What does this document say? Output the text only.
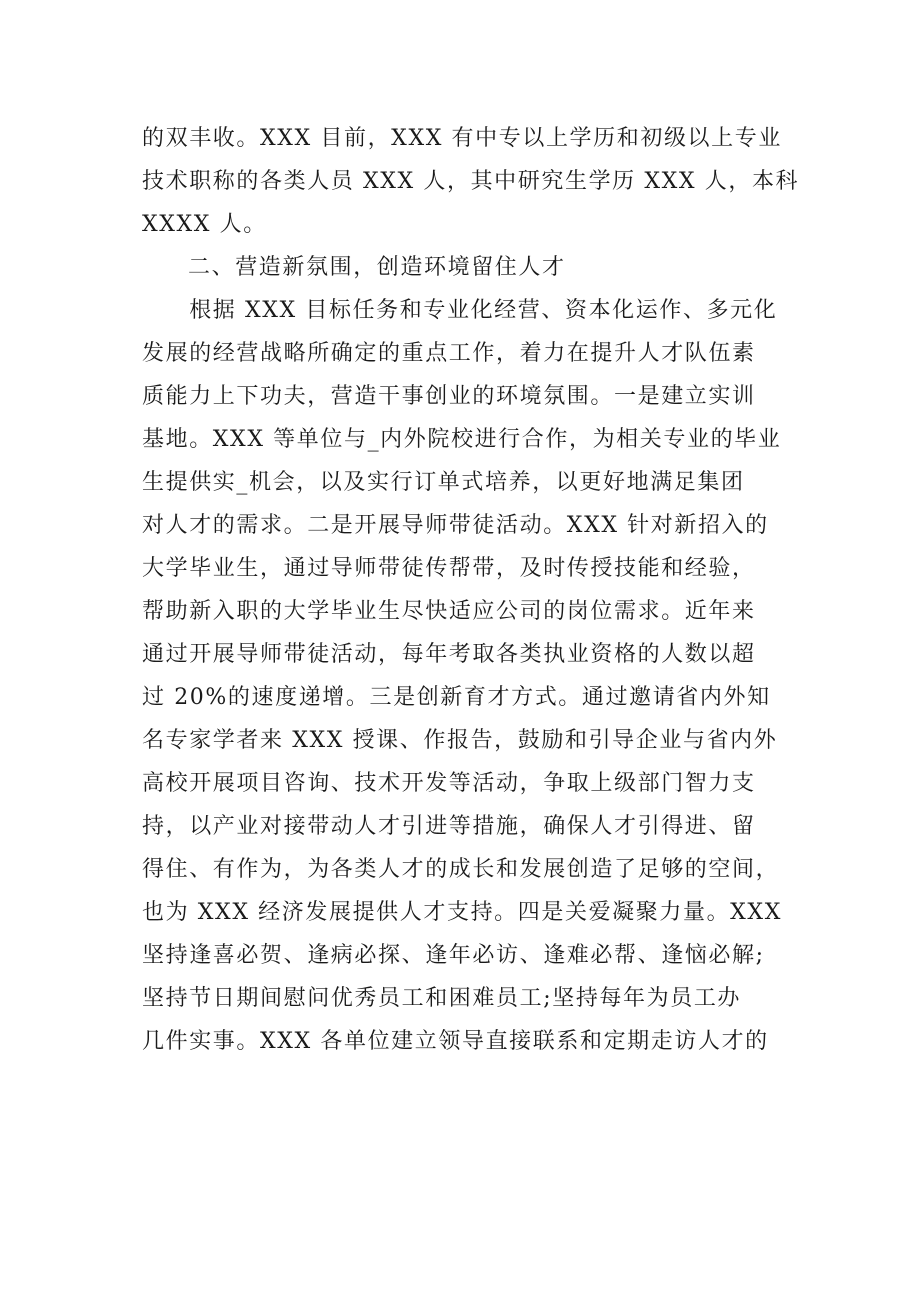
的双丰收。XXX 目前，XXX 有中专以上学历和初级以上专业
技术职称的各类人员 XXX 人，其中研究生学历 XXX 人，本科
XXXX 人。
二、营造新氛围，创造环境留住人才
　　根据 XXX 目标任务和专业化经营、资本化运作、多元化
发展的经营战略所确定的重点工作，着力在提升人才队伍素
质能力上下功夫，营造干事创业的环境氛围。一是建立实训
基地。XXX 等单位与_内外院校进行合作，为相关专业的毕业
生提供实_机会，以及实行订单式培养，以更好地满足集团
对人才的需求。二是开展导师带徒活动。XXX 针对新招入的
大学毕业生，通过导师带徒传帮带，及时传授技能和经验，
帮助新入职的大学毕业生尽快适应公司的岗位需求。近年来
通过开展导师带徒活动，每年考取各类执业资格的人数以超
过 20%的速度递增。三是创新育才方式。通过邀请省内外知
名专家学者来 XXX 授课、作报告，鼓励和引导企业与省内外
高校开展项目咨询、技术开发等活动，争取上级部门智力支
持，以产业对接带动人才引进等措施，确保人才引得进、留
得住、有作为，为各类人才的成长和发展创造了足够的空间，
也为 XXX 经济发展提供人才支持。四是关爱凝聚力量。XXX
坚持逢喜必贺、逢病必探、逢年必访、逢难必帮、逢恼必解;
坚持节日期间慰问优秀员工和困难员工;坚持每年为员工办
几件实事。XXX 各单位建立领导直接联系和定期走访人才的
